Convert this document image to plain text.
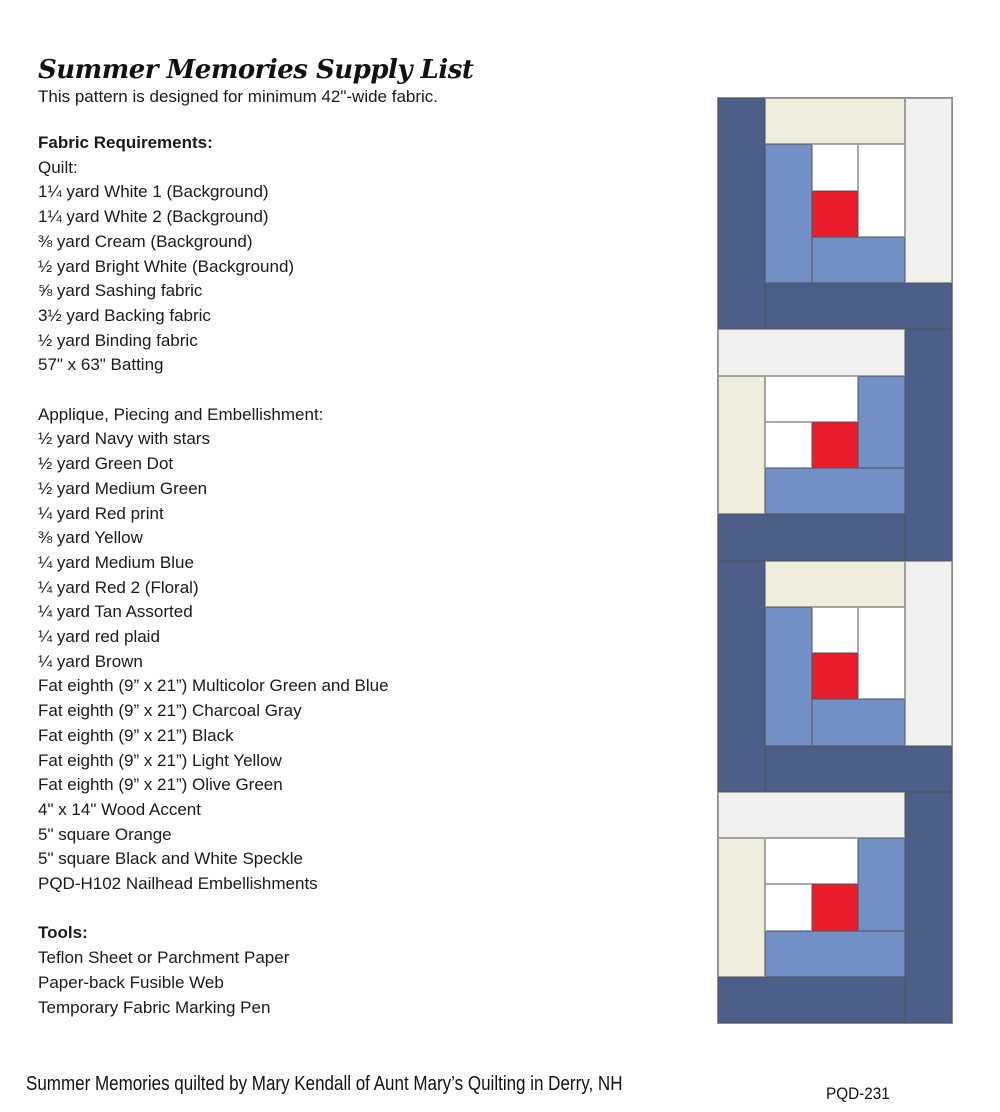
Summer Memories Supply List
This pattern is designed for minimum 42"-wide fabric.
Fabric Requirements:
Quilt:
1¼ yard White 1 (Background)
1¼ yard White 2 (Background)
⅜ yard Cream (Background)
½ yard Bright White (Background)
⅝ yard Sashing fabric
3½ yard Backing fabric
½ yard Binding fabric
57" x 63" Batting
Applique, Piecing and Embellishment:
½ yard Navy with stars
½ yard Green Dot
½ yard Medium Green
¼ yard Red print
⅜ yard Yellow
¼ yard Medium Blue
¼ yard Red 2 (Floral)
¼ yard Tan Assorted
¼ yard red plaid
¼ yard Brown
Fat eighth (9” x 21”) Multicolor Green and Blue
Fat eighth (9” x 21”) Charcoal Gray
Fat eighth (9” x 21”) Black
Fat eighth (9” x 21”) Light Yellow
Fat eighth (9” x 21”) Olive Green
4" x 14" Wood Accent
5" square Orange
5" square Black and White Speckle
PQD-H102 Nailhead Embellishments
Tools:
Teflon Sheet or Parchment Paper
Paper-back Fusible Web
Temporary Fabric Marking Pen
Summer Memories quilted by Mary Kendall of Aunt Mary’s Quilting in Derry, NH	PQD-231
